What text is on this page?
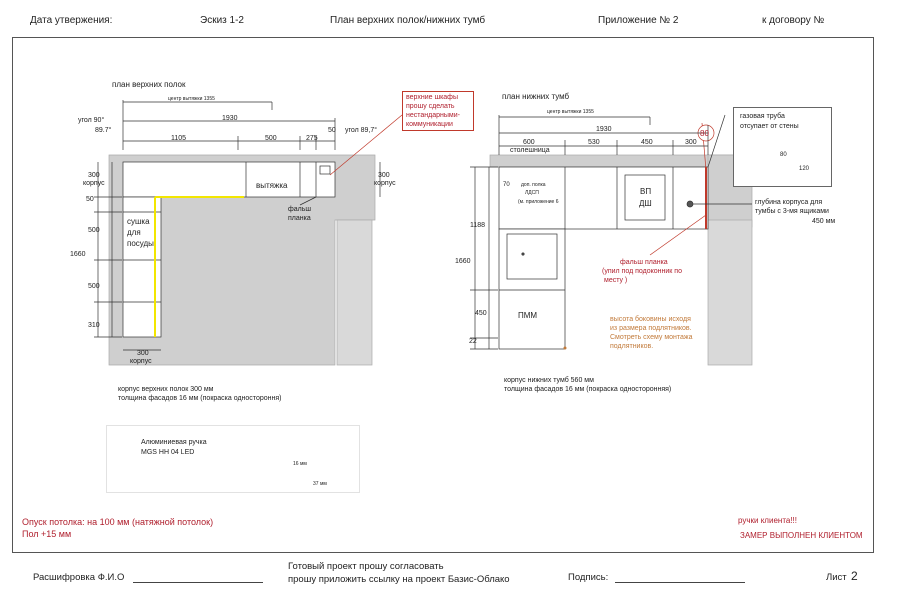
Дата утвержения:	Эскиз 1-2	План верхних полок/нижних тумб	Приложение № 2	к договору №
план верхних полок
центр вытяжки 1355
угол 90°
89.7°
1930
1105	500	275
50 угол 89,7°
300
корпус
50
500
1660
500
310
300
корпус
вытяжка
сушка
для
посуды
фальш
планка
300
корпус
корпус верхних полок 300 мм
толщина фасадов 16 мм (покраска одностороння)
верхние шкафы
прошу сделать
нестандарными-
коммуникации
план нижних тумб
центр вытяжки 1355
1930
600	530	450	300
80
столешница
1188
1660
450
22
70 доп. полка
ЛДСП
(м. приложение 6
ВП
ДШ
ПММ
фальш планка
(упил под подоконник по
месту )
высота боковины исходя
из размера подлятников.
Смотреть схему монтажа
подлятников.
корпус нижних тумб 560 мм
толщина фасадов 16 мм (покраска односторонняя)
газовая труба
отсупает от стены
80
120
глубина корпуса для
тумбы с 3-мя ящиками
450 мм
Алюминиевая ручка
MGS HH 04 LED
16 мм
37 мм
Опуск потолка: на 100 мм (натяжной потолок)
Пол +15 мм
ручки клиента!!!
ЗАМЕР ВЫПОЛНЕН КЛИЕНТОМ
Расшифровка Ф.И.О
Готовый проект прошу согласовать
прошу приложить ссылку на проект Базис-Облако	Подпись:	Лист 2
